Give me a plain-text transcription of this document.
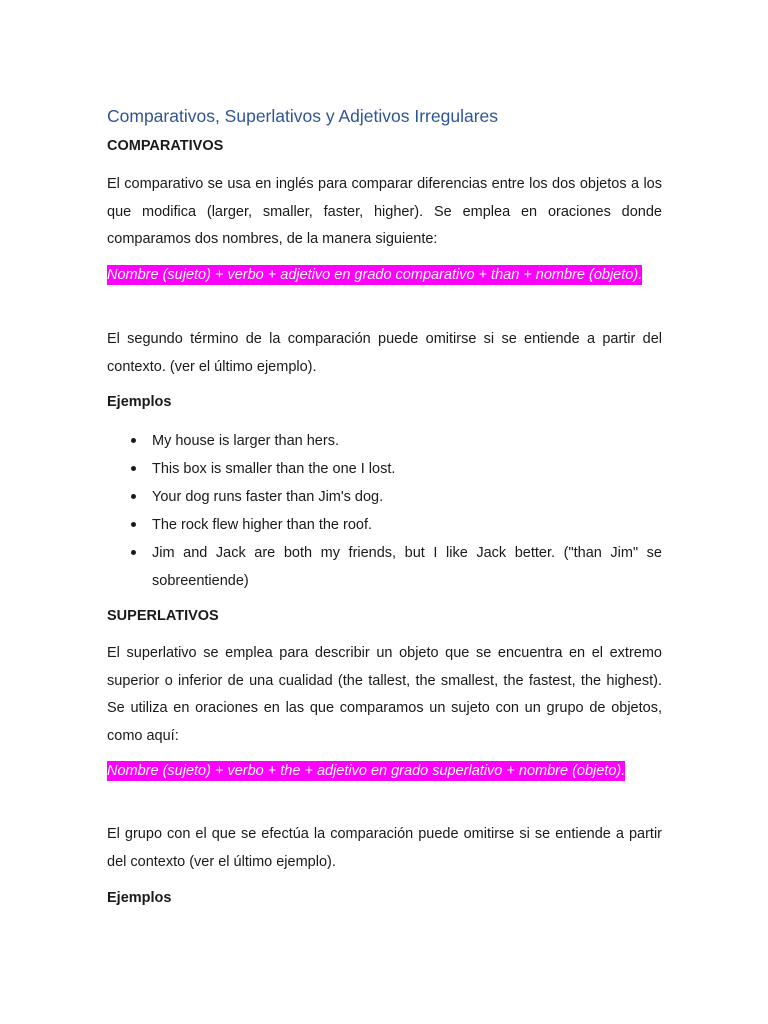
Comparativos, Superlativos y Adjetivos Irregulares
COMPARATIVOS

El comparativo se usa en inglés para comparar diferencias entre los dos objetos a los que modifica (larger, smaller, faster, higher). Se emplea en oraciones donde comparamos dos nombres, de la manera siguiente:

Nombre (sujeto) + verbo + adjetivo en grado comparativo + than + nombre (objeto).

El segundo término de la comparación puede omitirse si se entiende a partir del contexto. (ver el último ejemplo).

Ejemplos
My house is larger than hers.
This box is smaller than the one I lost.
Your dog runs faster than Jim's dog.
The rock flew higher than the roof.
Jim and Jack are both my friends, but I like Jack better. ("than Jim" se sobreentiende)
SUPERLATIVOS

El superlativo se emplea para describir un objeto que se encuentra en el extremo superior o inferior de una cualidad (the tallest, the smallest, the fastest, the highest). Se utiliza en oraciones en las que comparamos un sujeto con un grupo de objetos, como aquí:

Nombre (sujeto) + verbo + the + adjetivo en grado superlativo + nombre (objeto).

El grupo con el que se efectúa la comparación puede omitirse si se entiende a partir del contexto (ver el último ejemplo).

Ejemplos
